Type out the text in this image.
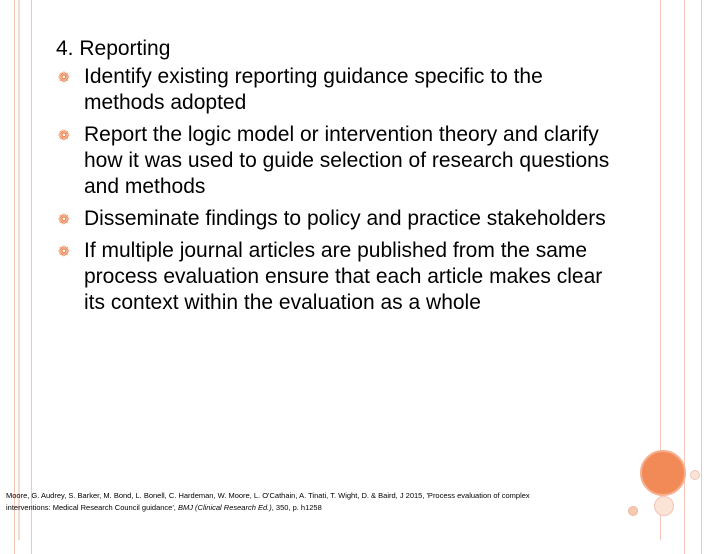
4. Reporting
❁ Identify existing reporting guidance specific to the methods adopted
❁ Report the logic model or intervention theory and clarify how it was used to guide selection of research questions and methods
❁ Disseminate findings to policy and practice stakeholders
❁ If multiple journal articles are published from the same process evaluation ensure that each article makes clear its context within the evaluation as a whole
Moore, G. Audrey, S. Barker, M. Bond, L. Bonell, C. Hardeman, W. Moore, L. O'Cathain, A. Tinati, T. Wight, D. & Baird, J 2015, 'Process evaluation of complex interventions: Medical Research Council guidance', BMJ (Clinical Research Ed.), 350, p. h1258
